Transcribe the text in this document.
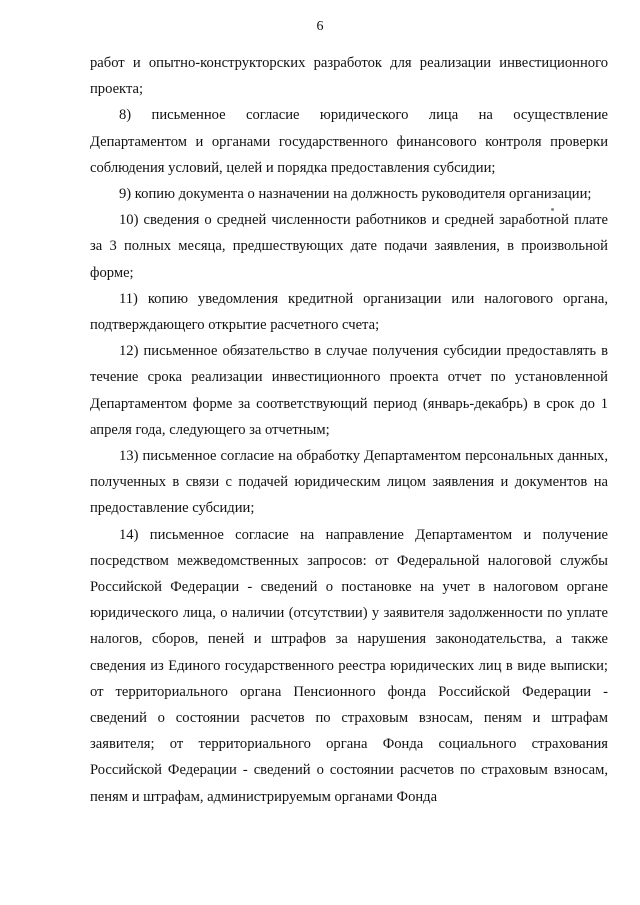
6

работ и опытно-конструкторских разработок для реализации инвестиционного проекта;

8) письменное согласие юридического лица на осуществление Департаментом и органами государственного финансового контроля проверки соблюдения условий, целей и порядка предоставления субсидии;

9) копию документа о назначении на должность руководителя организации;

10) сведения о средней численности работников и средней заработной плате за 3 полных месяца, предшествующих дате подачи заявления, в произвольной форме;

11) копию уведомления кредитной организации или налогового органа, подтверждающего открытие расчетного счета;

12) письменное обязательство в случае получения субсидии предоставлять в течение срока реализации инвестиционного проекта отчет по установленной Департаментом форме за соответствующий период (январь-декабрь) в срок до 1 апреля года, следующего за отчетным;

13) письменное согласие на обработку Департаментом персональных данных, полученных в связи с подачей юридическим лицом заявления и документов на предоставление субсидии;

14) письменное согласие на направление Департаментом и получение посредством межведомственных запросов: от Федеральной налоговой службы Российской Федерации - сведений о постановке на учет в налоговом органе юридического лица, о наличии (отсутствии) у заявителя задолженности по уплате налогов, сборов, пеней и штрафов за нарушения законодательства, а также сведения из Единого государственного реестра юридических лиц в виде выписки; от территориального органа Пенсионного фонда Российской Федерации - сведений о состоянии расчетов по страховым взносам, пеням и штрафам заявителя; от территориального органа Фонда социального страхования Российской Федерации - сведений о состоянии расчетов по страховым взносам, пеням и штрафам, администрируемым органами Фонда
